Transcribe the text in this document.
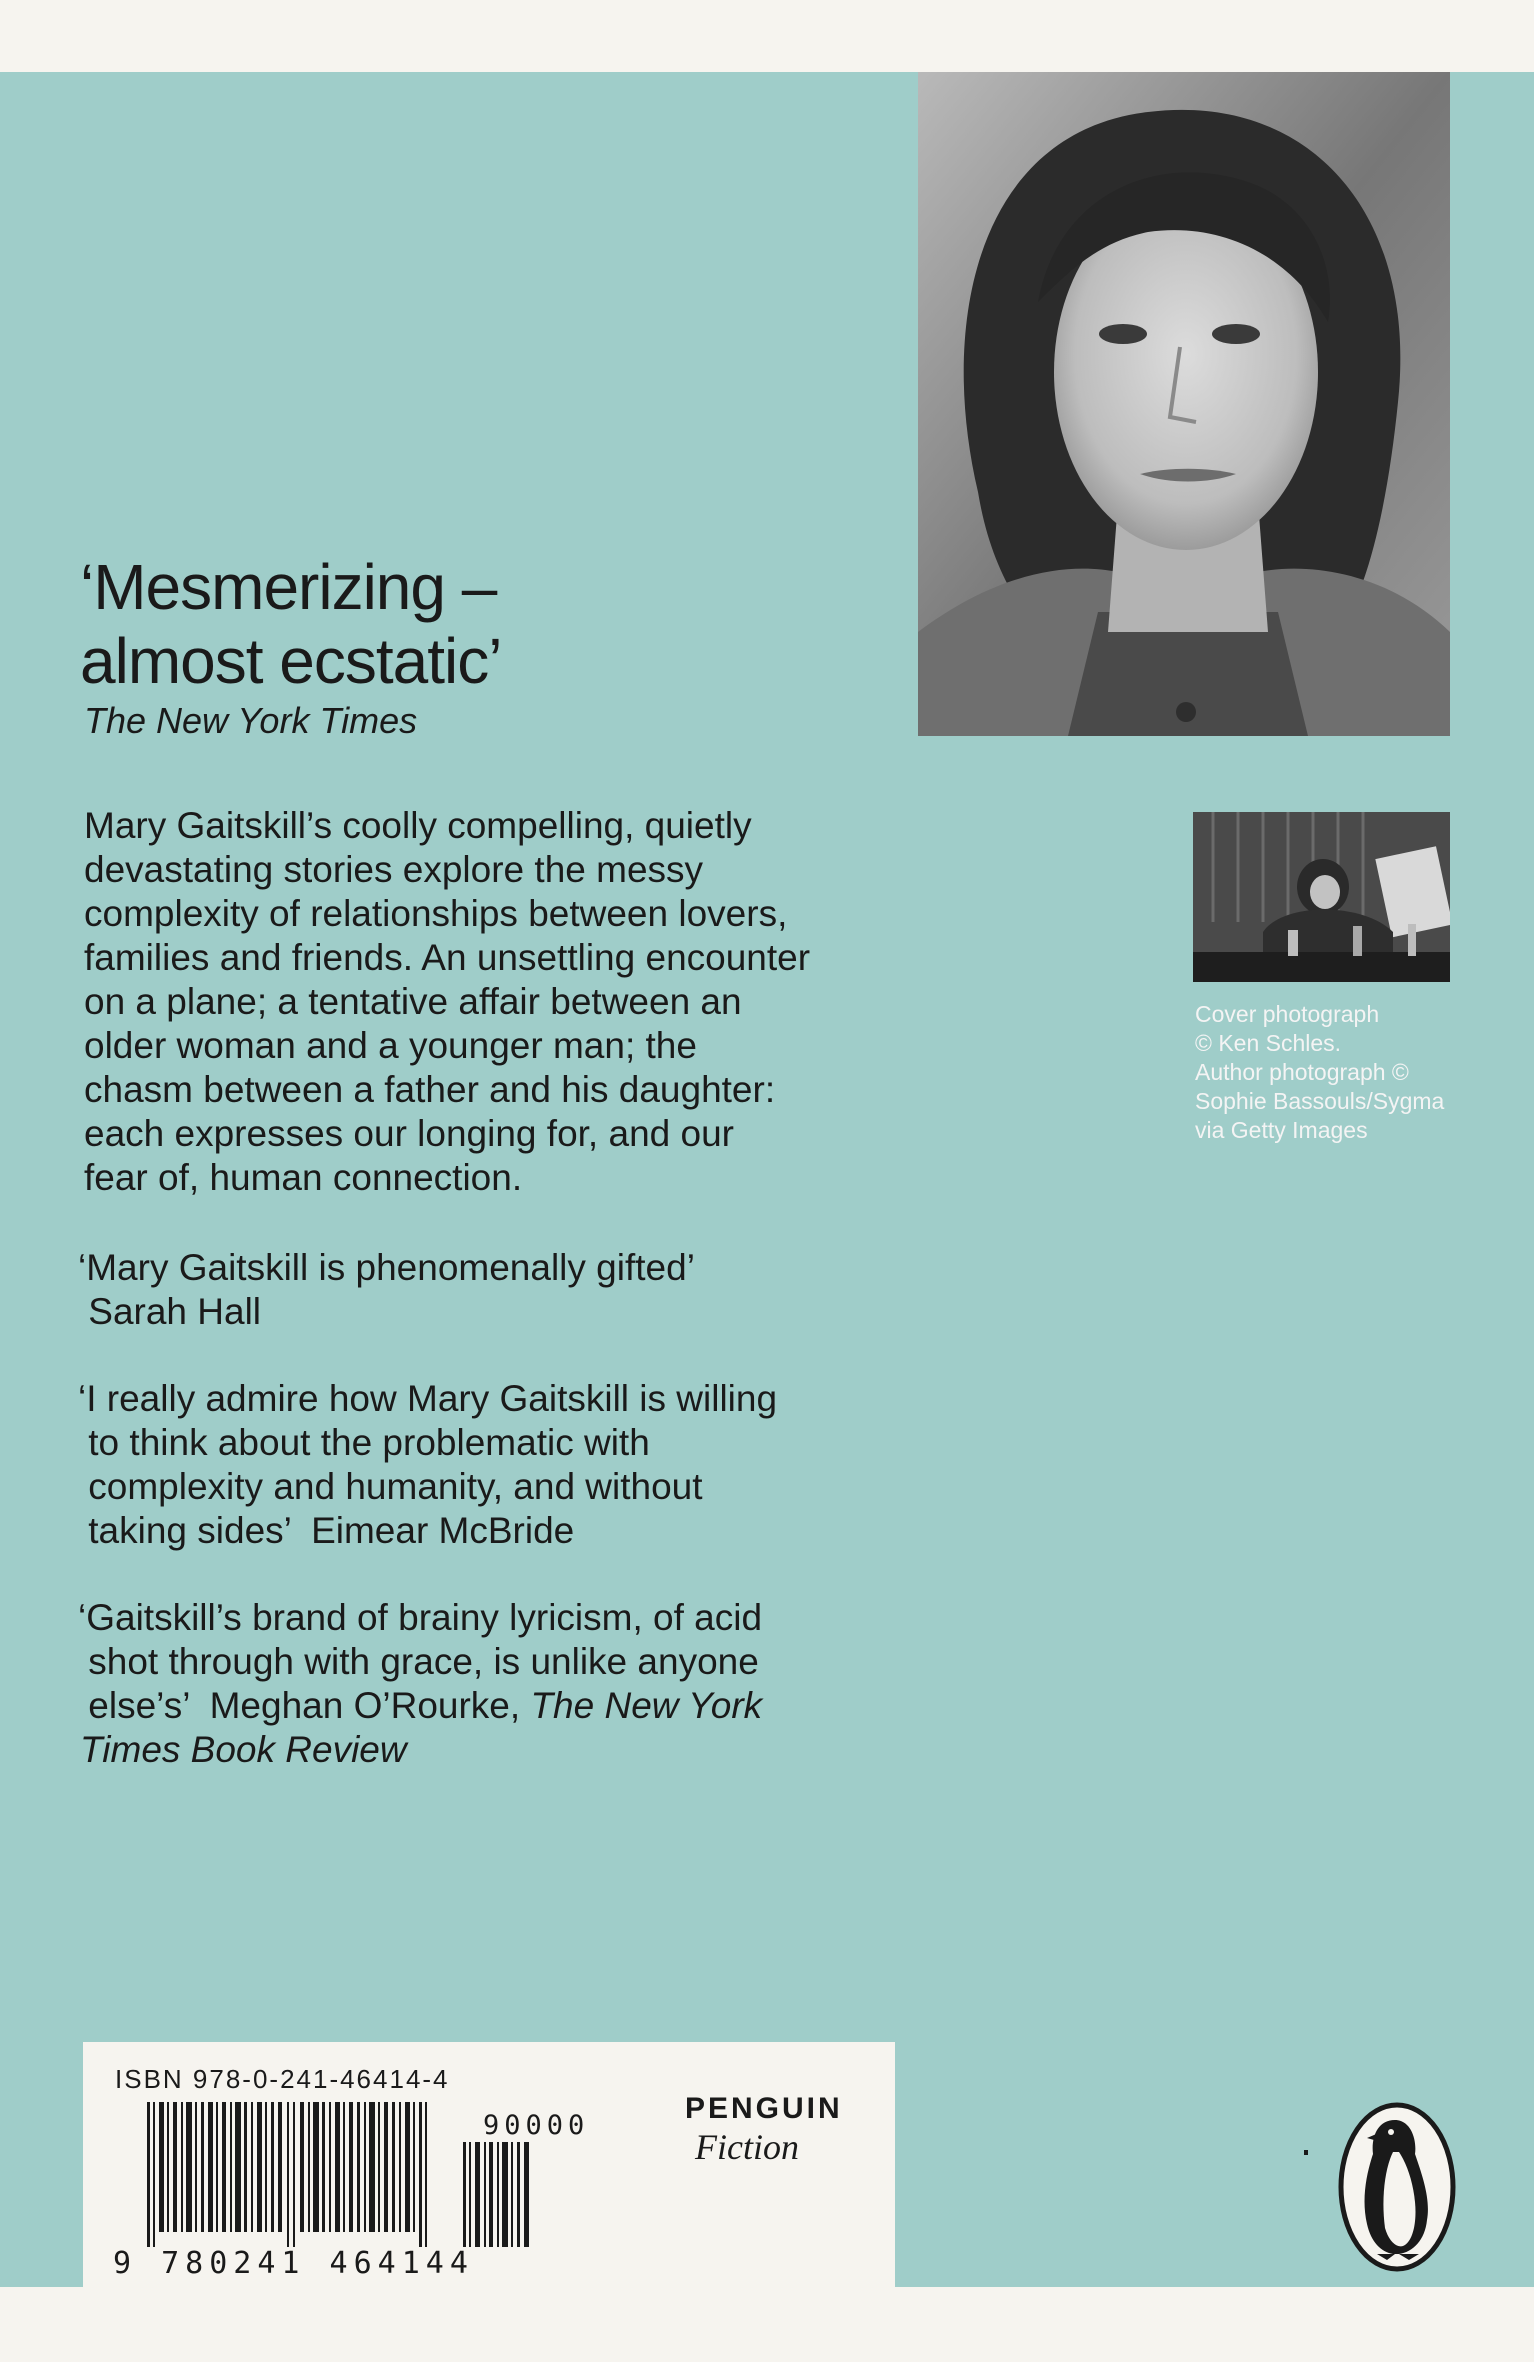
‘Mesmerizing –
almost ecstatic’
The New York Times

Mary Gaitskill’s coolly compelling, quietly
devastating stories explore the messy
complexity of relationships between lovers,
families and friends. An unsettling encounter
on a plane; a tentative affair between an
older woman and a younger man; the
chasm between a father and his daughter:
each expresses our longing for, and our
fear of, human connection.

‘Mary Gaitskill is phenomenally gifted’
Sarah Hall

‘I really admire how Mary Gaitskill is willing
to think about the problematic with
complexity and humanity, and without
taking sides’  Eimear McBride

‘Gaitskill’s brand of brainy lyricism, of acid
shot through with grace, is unlike anyone
else’s’  Meghan O’Rourke, The New York
Times Book Review

Cover photograph
© Ken Schles.
Author photograph ©
Sophie Bassouls/Sygma
via Getty Images

ISBN 978-0-241-46414-4
90000
9 780241 464144
PENGUIN
Fiction
